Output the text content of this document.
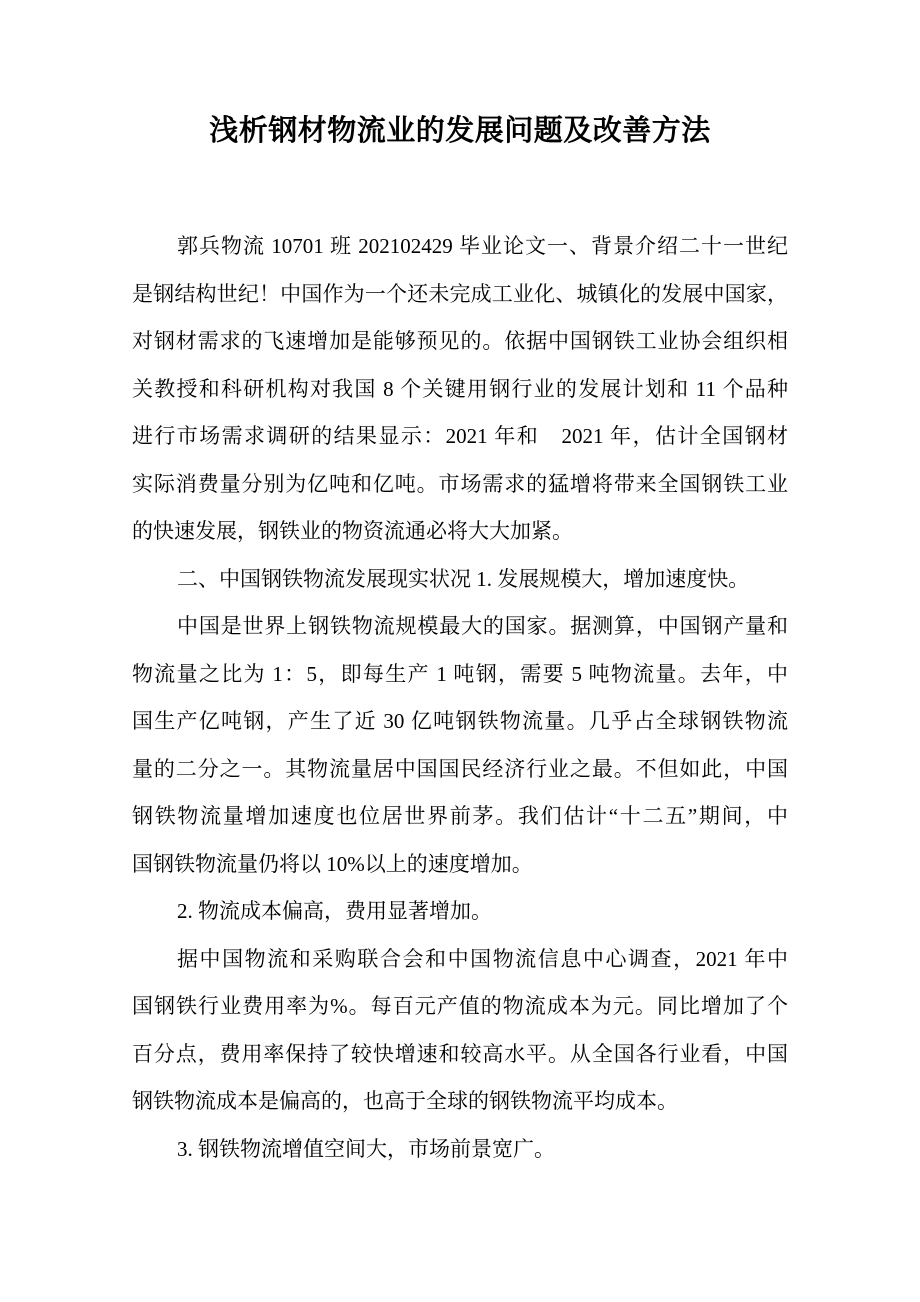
浅析钢材物流业的发展问题及改善方法
郭兵物流 10701 班 202102429 毕业论文一、背景介绍二十一世纪
是钢结构世纪！中国作为一个还未完成工业化、城镇化的发展中国家，
对钢材需求的飞速增加是能够预见的。依据中国钢铁工业协会组织相
关教授和科研机构对我国 8 个关键用钢行业的发展计划和 11 个品种
进行市场需求调研的结果显示：2021 年和　2021 年，估计全国钢材
实际消费量分别为亿吨和亿吨。市场需求的猛增将带来全国钢铁工业
的快速发展，钢铁业的物资流通必将大大加紧。
二、中国钢铁物流发展现实状况 1. 发展规模大，增加速度快。
中国是世界上钢铁物流规模最大的国家。据测算，中国钢产量和
物流量之比为 1：5，即每生产 1 吨钢，需要 5 吨物流量。去年，中
国生产亿吨钢，产生了近 30 亿吨钢铁物流量。几乎占全球钢铁物流
量的二分之一。其物流量居中国国民经济行业之最。不但如此，中国
钢铁物流量增加速度也位居世界前茅。我们估计“十二五”期间，中
国钢铁物流量仍将以 10%以上的速度增加。
2. 物流成本偏高，费用显著增加。
据中国物流和采购联合会和中国物流信息中心调查，2021 年中
国钢铁行业费用率为%。每百元产值的物流成本为元。同比增加了个
百分点，费用率保持了较快增速和较高水平。从全国各行业看，中国
钢铁物流成本是偏高的，也高于全球的钢铁物流平均成本。
3. 钢铁物流增值空间大，市场前景宽广。
